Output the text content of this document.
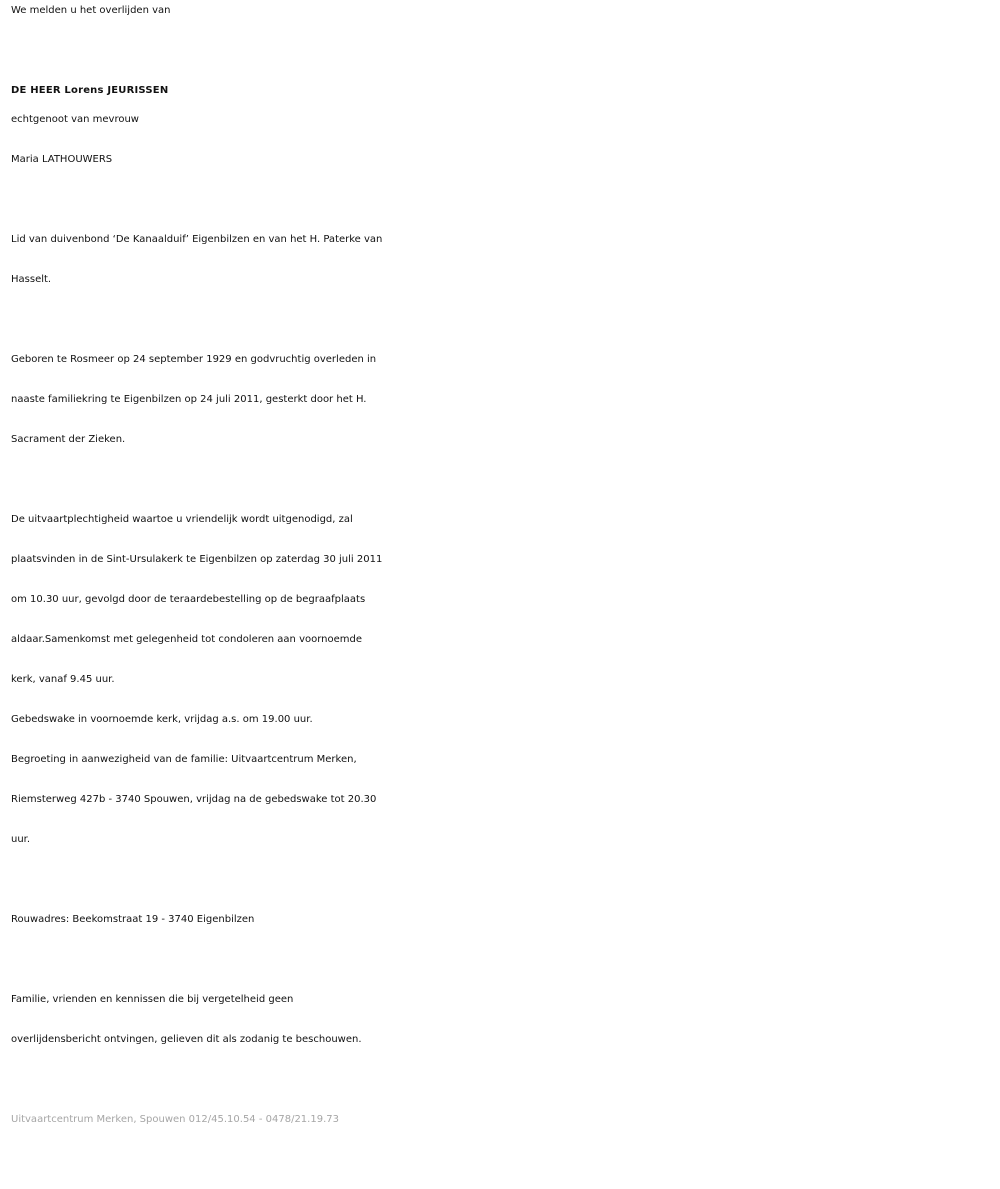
We melden u het overlijden van

DE HEER Lorens JEURISSEN

echtgenoot van mevrouw

Maria LATHOUWERS

Lid van duivenbond ‘De Kanaalduif’ Eigenbilzen en van het H. Paterke van

Hasselt.

Geboren te Rosmeer op 24 september 1929 en godvruchtig overleden in

naaste familiekring te Eigenbilzen op 24 juli 2011, gesterkt door het H.

Sacrament der Zieken.

De uitvaartplechtigheid waartoe u vriendelijk wordt uitgenodigd, zal

plaatsvinden in de Sint-Ursulakerk te Eigenbilzen op zaterdag 30 juli 2011

om 10.30 uur, gevolgd door de teraardebestelling op de begraafplaats

aldaar.Samenkomst met gelegenheid tot condoleren aan voornoemde

kerk, vanaf 9.45 uur.

Gebedswake in voornoemde kerk, vrijdag a.s. om 19.00 uur.

Begroeting in aanwezigheid van de familie: Uitvaartcentrum Merken,

Riemsterweg 427b - 3740 Spouwen, vrijdag na de gebedswake tot 20.30

uur.

Rouwadres: Beekomstraat 19 - 3740 Eigenbilzen

Familie, vrienden en kennissen die bij vergetelheid geen

overlijdensbericht ontvingen, gelieven dit als zodanig te beschouwen.

Uitvaartcentrum Merken, Spouwen 012/45.10.54 - 0478/21.19.73
